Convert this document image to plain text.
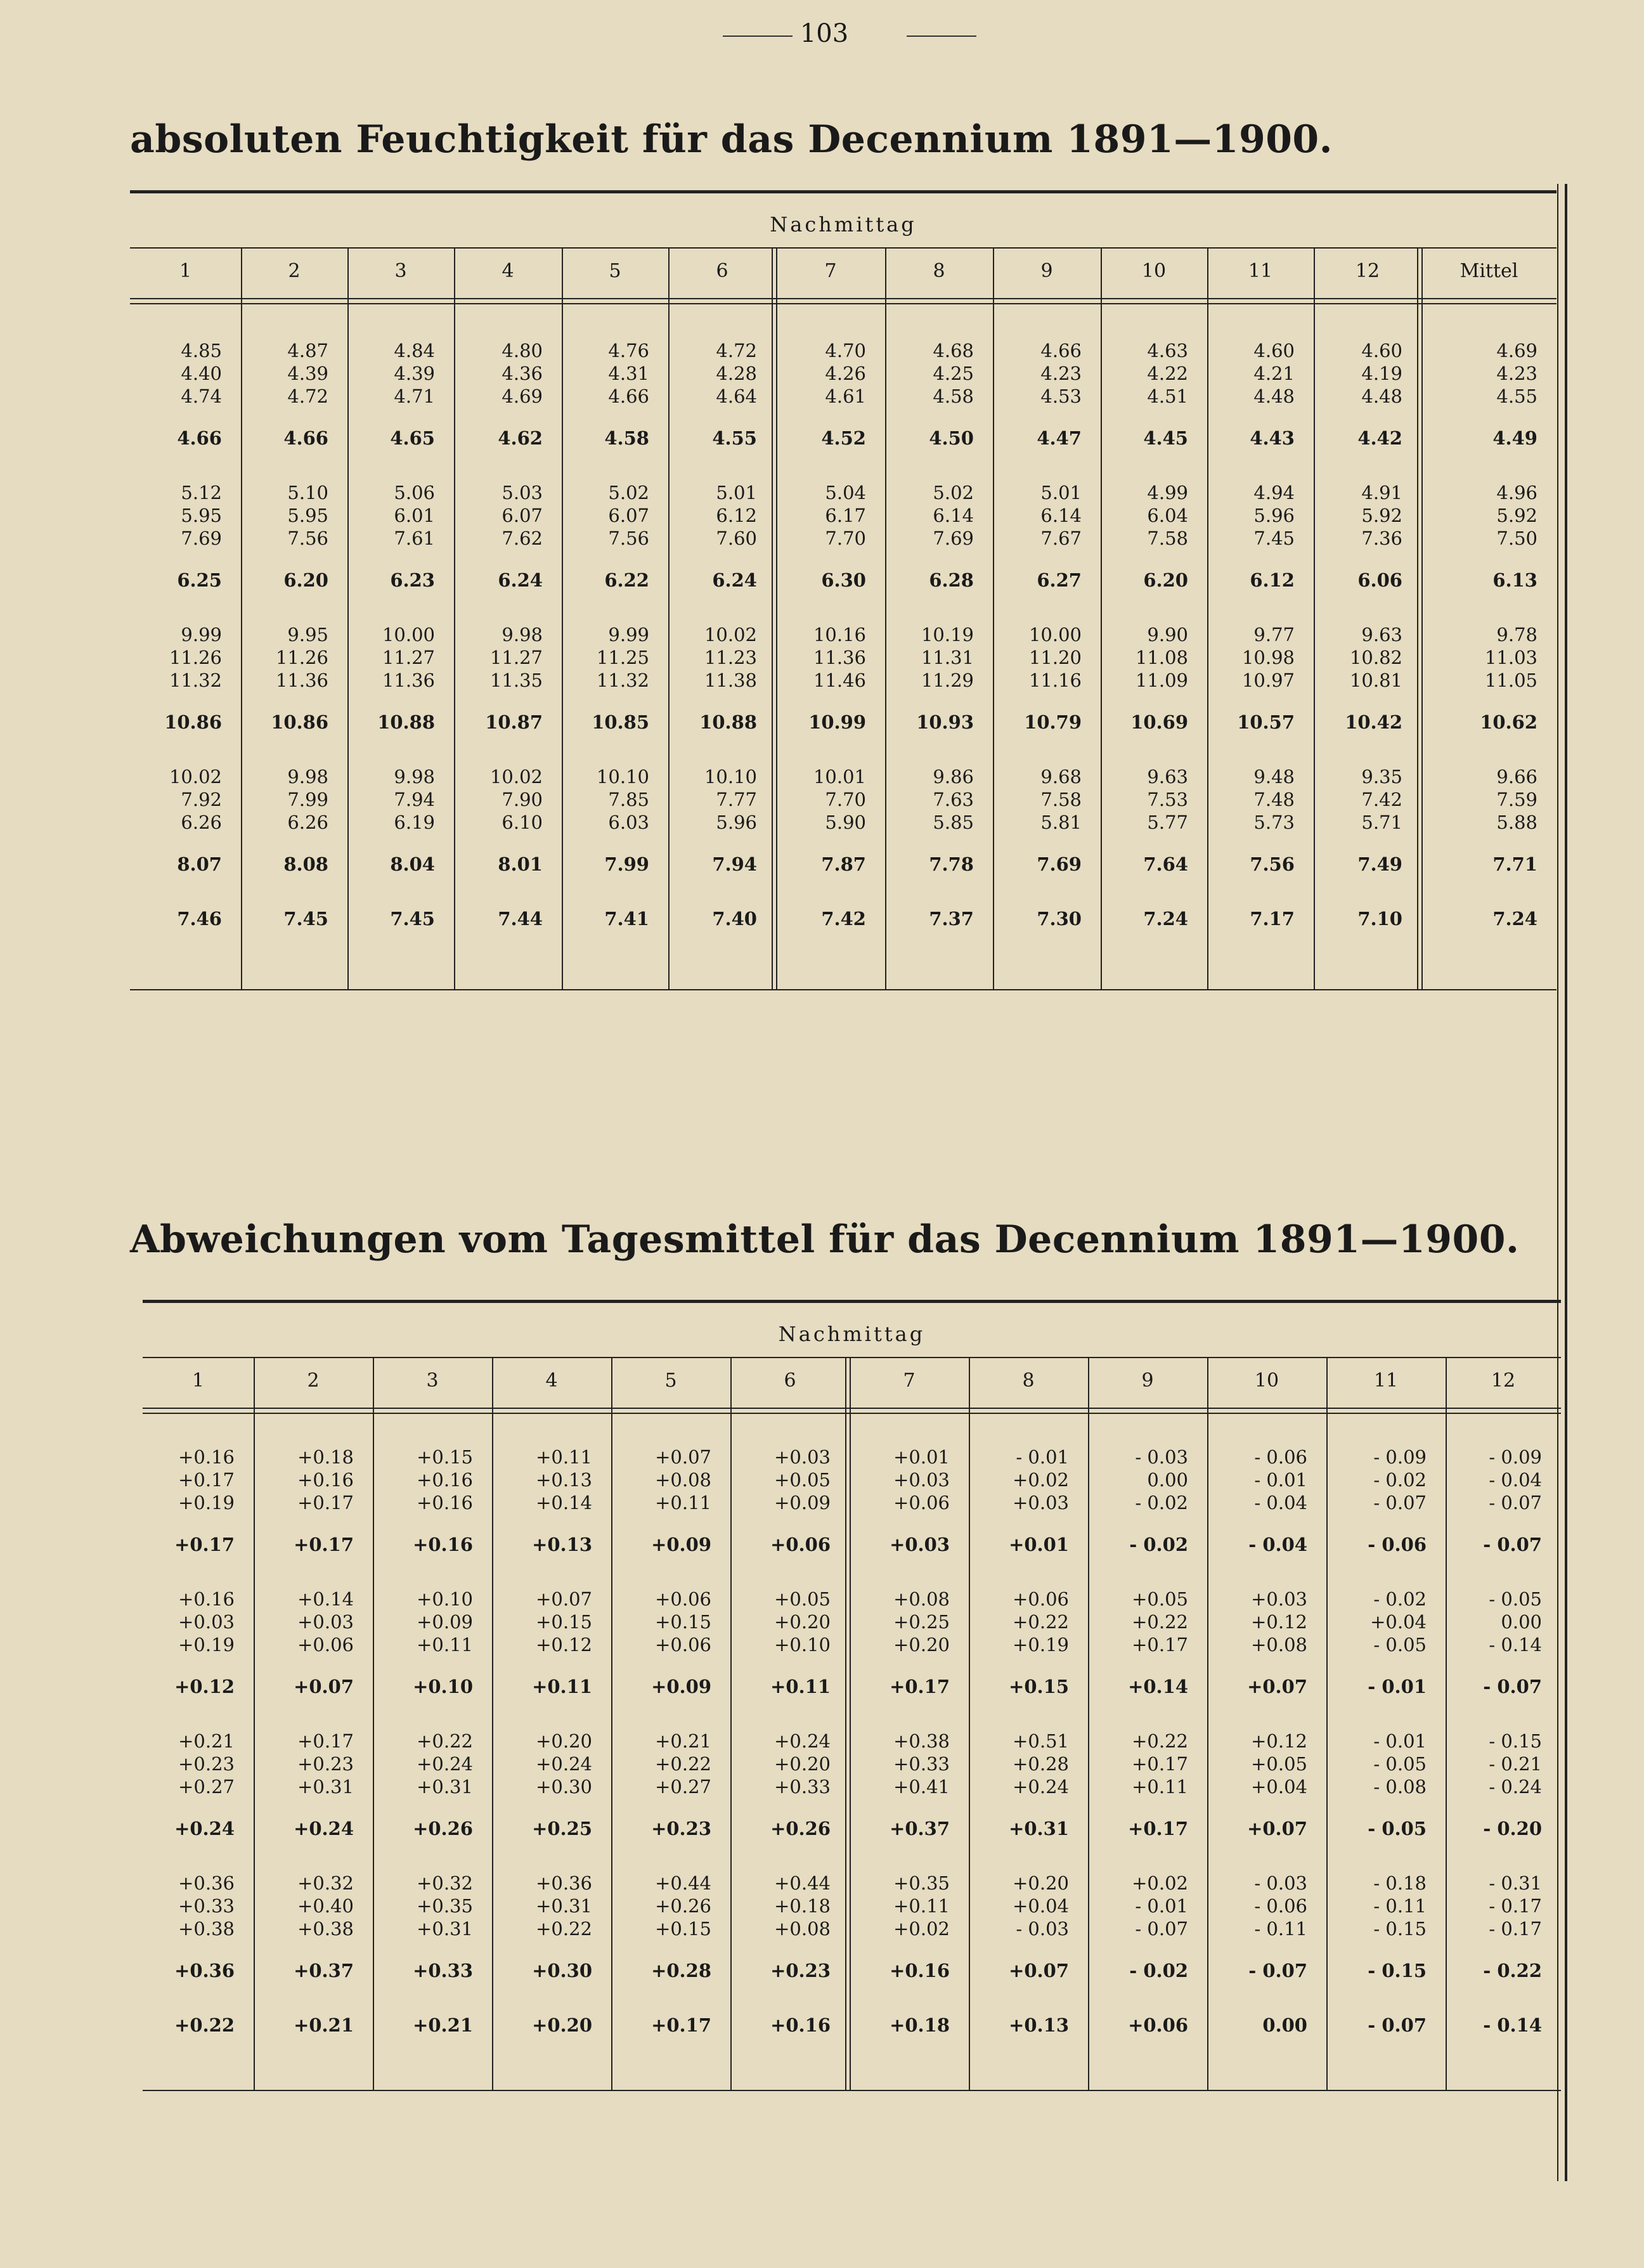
103
absoluten Feuchtigkeit für das Decennium 1891—1900.
Nachmittag
1	2	3	4	5	6	7	8	9	10	11	12	Mittel
4.85	4.87	4.84	4.80	4.76	4.72	4.70	4.68	4.66	4.63	4.60	4.60	4.69
4.40	4.39	4.39	4.36	4.31	4.28	4.26	4.25	4.23	4.22	4.21	4.19	4.23
4.74	4.72	4.71	4.69	4.66	4.64	4.61	4.58	4.53	4.51	4.48	4.48	4.55
4.66	4.66	4.65	4.62	4.58	4.55	4.52	4.50	4.47	4.45	4.43	4.42	4.49
5.12	5.10	5.06	5.03	5.02	5.01	5.04	5.02	5.01	4.99	4.94	4.91	4.96
5.95	5.95	6.01	6.07	6.07	6.12	6.17	6.14	6.14	6.04	5.96	5.92	5.92
7.69	7.56	7.61	7.62	7.56	7.60	7.70	7.69	7.67	7.58	7.45	7.36	7.50
6.25	6.20	6.23	6.24	6.22	6.24	6.30	6.28	6.27	6.20	6.12	6.06	6.13
9.99	9.95	10.00	9.98	9.99	10.02	10.16	10.19	10.00	9.90	9.77	9.63	9.78
11.26	11.26	11.27	11.27	11.25	11.23	11.36	11.31	11.20	11.08	10.98	10.82	11.03
11.32	11.36	11.36	11.35	11.32	11.38	11.46	11.29	11.16	11.09	10.97	10.81	11.05
10.86	10.86	10.88	10.87	10.85	10.88	10.99	10.93	10.79	10.69	10.57	10.42	10.62
10.02	9.98	9.98	10.02	10.10	10.10	10.01	9.86	9.68	9.63	9.48	9.35	9.66
7.92	7.99	7.94	7.90	7.85	7.77	7.70	7.63	7.58	7.53	7.48	7.42	7.59
6.26	6.26	6.19	6.10	6.03	5.96	5.90	5.85	5.81	5.77	5.73	5.71	5.88
8.07	8.08	8.04	8.01	7.99	7.94	7.87	7.78	7.69	7.64	7.56	7.49	7.71
7.46	7.45	7.45	7.44	7.41	7.40	7.42	7.37	7.30	7.24	7.17	7.10	7.24
Abweichungen vom Tagesmittel für das Decennium 1891—1900.
Nachmittag
1	2	3	4	5	6	7	8	9	10	11	12
+0.16	+0.18	+0.15	+0.11	+0.07	+0.03	+0.01	- 0.01	- 0.03	- 0.06	- 0.09	- 0.09
+0.17	+0.16	+0.16	+0.13	+0.08	+0.05	+0.03	+0.02	0.00	- 0.01	- 0.02	- 0.04
+0.19	+0.17	+0.16	+0.14	+0.11	+0.09	+0.06	+0.03	- 0.02	- 0.04	- 0.07	- 0.07
+0.17	+0.17	+0.16	+0.13	+0.09	+0.06	+0.03	+0.01	- 0.02	- 0.04	- 0.06	- 0.07
+0.16	+0.14	+0.10	+0.07	+0.06	+0.05	+0.08	+0.06	+0.05	+0.03	- 0.02	- 0.05
+0.03	+0.03	+0.09	+0.15	+0.15	+0.20	+0.25	+0.22	+0.22	+0.12	+0.04	0.00
+0.19	+0.06	+0.11	+0.12	+0.06	+0.10	+0.20	+0.19	+0.17	+0.08	- 0.05	- 0.14
+0.12	+0.07	+0.10	+0.11	+0.09	+0.11	+0.17	+0.15	+0.14	+0.07	- 0.01	- 0.07
+0.21	+0.17	+0.22	+0.20	+0.21	+0.24	+0.38	+0.51	+0.22	+0.12	- 0.01	- 0.15
+0.23	+0.23	+0.24	+0.24	+0.22	+0.20	+0.33	+0.28	+0.17	+0.05	- 0.05	- 0.21
+0.27	+0.31	+0.31	+0.30	+0.27	+0.33	+0.41	+0.24	+0.11	+0.04	- 0.08	- 0.24
+0.24	+0.24	+0.26	+0.25	+0.23	+0.26	+0.37	+0.31	+0.17	+0.07	- 0.05	- 0.20
+0.36	+0.32	+0.32	+0.36	+0.44	+0.44	+0.35	+0.20	+0.02	- 0.03	- 0.18	- 0.31
+0.33	+0.40	+0.35	+0.31	+0.26	+0.18	+0.11	+0.04	- 0.01	- 0.06	- 0.11	- 0.17
+0.38	+0.38	+0.31	+0.22	+0.15	+0.08	+0.02	- 0.03	- 0.07	- 0.11	- 0.15	- 0.17
+0.36	+0.37	+0.33	+0.30	+0.28	+0.23	+0.16	+0.07	- 0.02	- 0.07	- 0.15	- 0.22
+0.22	+0.21	+0.21	+0.20	+0.17	+0.16	+0.18	+0.13	+0.06	0.00	- 0.07	- 0.14
